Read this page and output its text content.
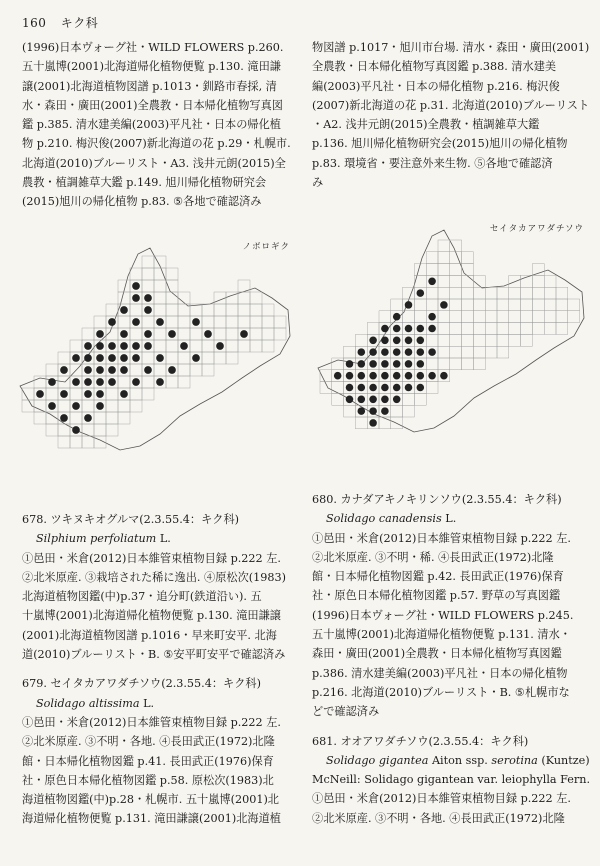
160 キク科
(1996)日本ヴォーグ社・WILD FLOWERS p.260.
五十嵐博(2001)北海道帰化植物便覧 p.130. 滝田謙
譲(2001)北海道植物図譜 p.1013・釧路市春採, 清
水・森田・廣田(2001)全農教・日本帰化植物写真図
鑑 p.385. 清水建美編(2003)平凡社・日本の帰化植
物 p.210. 梅沢俊(2007)新北海道の花 p.29・札幌市.
北海道(2010)ブルーリスト・A3. 浅井元朗(2015)全
農教・植調雑草大鑑 p.149. 旭川帰化植物研究会
(2015)旭川の帰化植物 p.83. ⑤各地で確認済み
物図譜 p.1017・旭川市台場. 清水・森田・廣田(2001)
全農教・日本帰化植物写真図鑑 p.388. 清水建美
編(2003)平凡社・日本の帰化植物 p.216. 梅沢俊
(2007)新北海道の花 p.31. 北海道(2010)ブルーリスト
・A2. 浅井元朗(2015)全農教・植調雑草大鑑
p.136. 旭川帰化植物研究会(2015)旭川の帰化植物
p.83. 環境省・要注意外来生物. ⑤各地で確認済
み
ノボロギク
セイタカアワダチソウ
678. ツキヌキオグルマ(2.3.55.4：キク科)
Silphium perfoliatum L.
①邑田・米倉(2012)日本維管束植物目録 p.222 左.
②北米原産. ③栽培された稀に逸出. ④原松次(1983)
北海道植物図鑑(中)p.37・追分町(鉄道沿い). 五
十嵐博(2001)北海道帰化植物便覧 p.130. 滝田謙譲
(2001)北海道植物図譜 p.1016・早来町安平. 北海
道(2010)ブルーリスト・B. ⑤安平町安平で確認済み
679. セイタカアワダチソウ(2.3.55.4：キク科)
Solidago altissima L.
①邑田・米倉(2012)日本維管束植物目録 p.222 左.
②北米原産. ③不明・各地. ④長田武正(1972)北隆
館・日本帰化植物図鑑 p.41. 長田武正(1976)保育
社・原色日本帰化植物図鑑 p.58. 原松次(1983)北
海道植物図鑑(中)p.28・札幌市. 五十嵐博(2001)北
海道帰化植物便覧 p.131. 滝田謙譲(2001)北海道植
680. カナダアキノキリンソウ(2.3.55.4：キク科)
Solidago canadensis L.
①邑田・米倉(2012)日本維管束植物目録 p.222 左.
②北米原産. ③不明・稀. ④長田武正(1972)北隆
館・日本帰化植物図鑑 p.42. 長田武正(1976)保育
社・原色日本帰化植物図鑑 p.57. 野草の写真図鑑
(1996)日本ヴォーグ社・WILD FLOWERS p.245.
五十嵐博(2001)北海道帰化植物便覧 p.131. 清水・
森田・廣田(2001)全農教・日本帰化植物写真図鑑
p.386. 清水建美編(2003)平凡社・日本の帰化植物
p.216. 北海道(2010)ブルーリスト・B. ⑤札幌市な
どで確認済み
681. オオアワダチソウ(2.3.55.4：キク科)
Solidago gigantea Aiton ssp. serotina (Kuntze)
McNeill: Solidago gigantean var. leiophylla Fern.
①邑田・米倉(2012)日本維管束植物目録 p.222 左.
②北米原産. ③不明・各地. ④長田武正(1972)北隆
